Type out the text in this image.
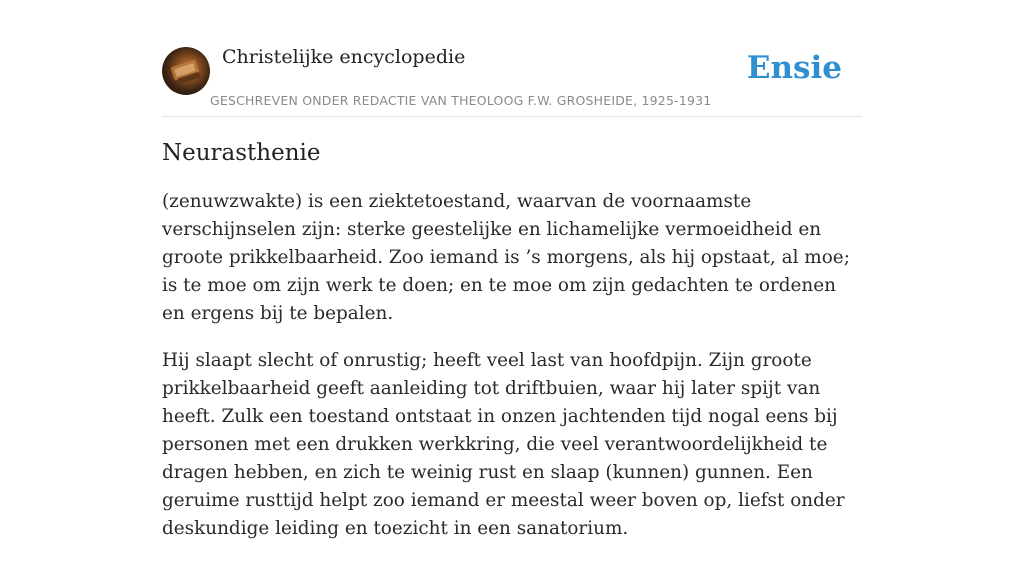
Christelijke encyclopedie
GESCHREVEN ONDER REDACTIE VAN THEOLOOG F.W. GROSHEIDE, 1925-1931
Ensie
Neurasthenie

(zenuwzwakte) is een ziektetoestand, waarvan de voornaamste verschijnselen zijn: sterke geestelijke en lichamelijke vermoeidheid en groote prikkelbaarheid. Zoo iemand is ’s morgens, als hij opstaat, al moe; is te moe om zijn werk te doen; en te moe om zijn gedachten te ordenen en ergens bij te bepalen.

Hij slaapt slecht of onrustig; heeft veel last van hoofdpijn. Zijn groote prikkelbaarheid geeft aanleiding tot driftbuien, waar hij later spijt van heeft. Zulk een toestand ontstaat in onzen jachtenden tijd nogal eens bij personen met een drukken werkkring, die veel verantwoordelijkheid te dragen hebben, en zich te weinig rust en slaap (kunnen) gunnen. Een geruime rusttijd helpt zoo iemand er meestal weer boven op, liefst onder deskundige leiding en toezicht in een sanatorium.
